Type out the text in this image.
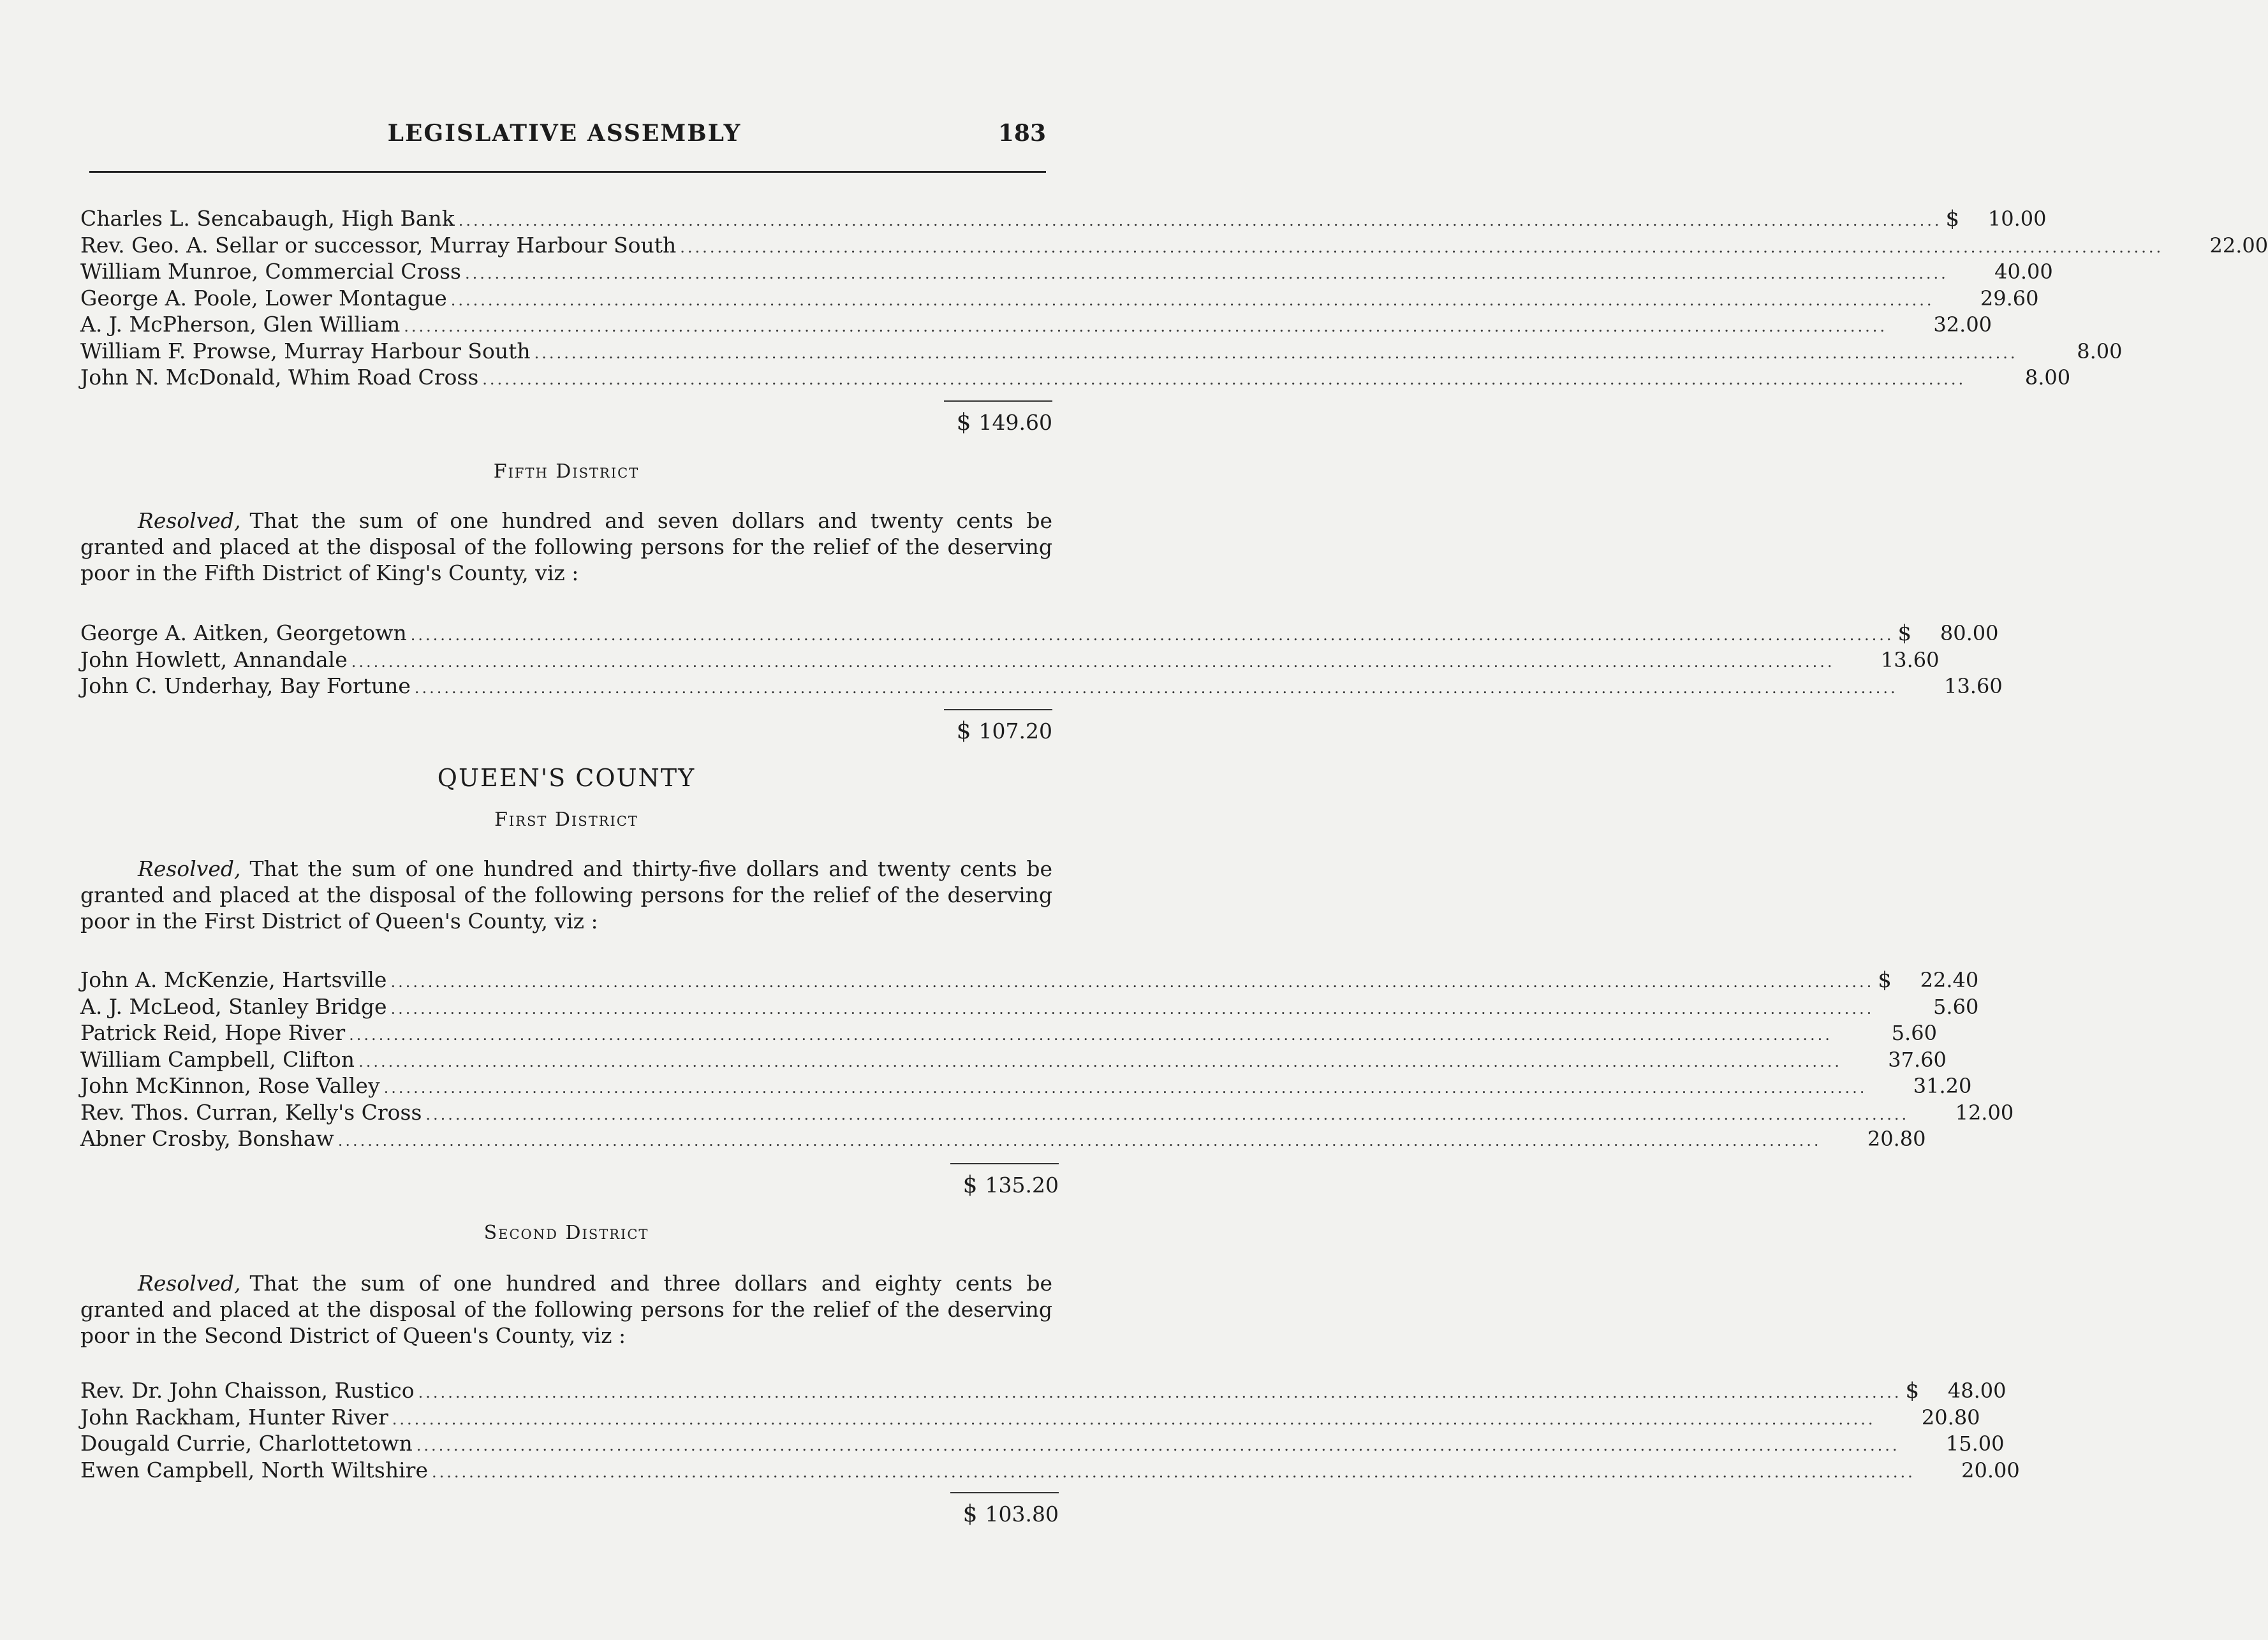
LEGISLATIVE ASSEMBLY	183
Charles L. Sencabaugh, High Bank ........................................................................................................................................................................................................ $	10.00
Rev. Geo. A. Sellar or successor, Murray Harbour South ........................................................................................................................................................................................................	22.00
William Munroe, Commercial Cross ........................................................................................................................................................................................................	40.00
George A. Poole, Lower Montague ........................................................................................................................................................................................................	29.60
A. J. McPherson, Glen William ........................................................................................................................................................................................................	32.00
William F. Prowse, Murray Harbour South ........................................................................................................................................................................................................	8.00
John N. McDonald, Whim Road Cross ........................................................................................................................................................................................................	8.00
$ 149.60
Fifth District
Resolved, That the sum of one hundred and seven dollars and twenty cents be granted and placed at the disposal of the following persons for the relief of the deserving poor in the Fifth District of King's County, viz :
George A. Aitken, Georgetown ........................................................................................................................................................................................................ $	80.00
John Howlett, Annandale ........................................................................................................................................................................................................	13.60
John C. Underhay, Bay Fortune ........................................................................................................................................................................................................	13.60
$ 107.20
QUEEN'S COUNTY
First District
Resolved, That the sum of one hundred and thirty-five dollars and twenty cents be granted and placed at the disposal of the following persons for the relief of the deserving poor in the First District of Queen's County, viz :
John A. McKenzie, Hartsville ........................................................................................................................................................................................................ $	22.40
A. J. McLeod, Stanley Bridge ........................................................................................................................................................................................................	5.60
Patrick Reid, Hope River ........................................................................................................................................................................................................	5.60
William Campbell, Clifton ........................................................................................................................................................................................................	37.60
John McKinnon, Rose Valley ........................................................................................................................................................................................................	31.20
Rev. Thos. Curran, Kelly's Cross ........................................................................................................................................................................................................	12.00
Abner Crosby, Bonshaw ........................................................................................................................................................................................................	20.80
$ 135.20
Second District
Resolved, That the sum of one hundred and three dollars and eighty cents be granted and placed at the disposal of the following persons for the relief of the deserving poor in the Second District of Queen's County, viz :
Rev. Dr. John Chaisson, Rustico ........................................................................................................................................................................................................ $	48.00
John Rackham, Hunter River ........................................................................................................................................................................................................	20.80
Dougald Currie, Charlottetown ........................................................................................................................................................................................................	15.00
Ewen Campbell, North Wiltshire ........................................................................................................................................................................................................	20.00
$ 103.80
